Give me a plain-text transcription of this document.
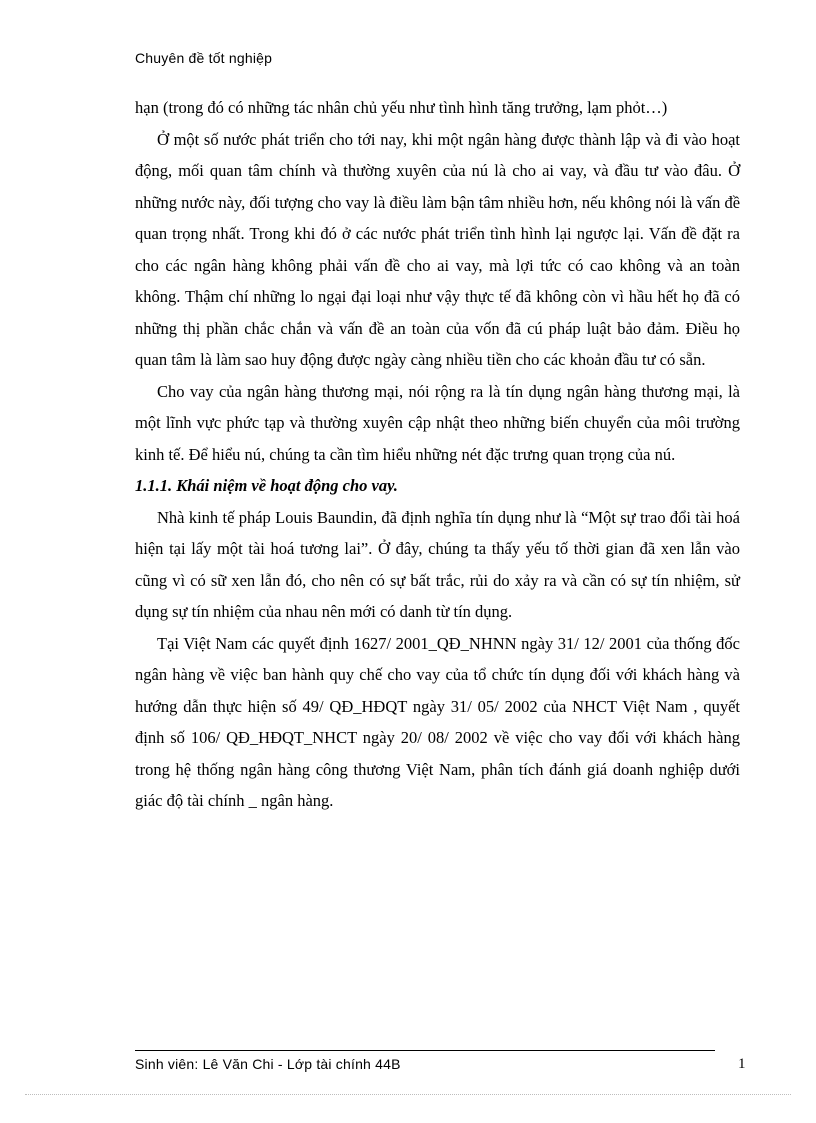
Chuyên đề tốt nghiệp

hạn (trong đó có những tác nhân chủ yếu như tình hình tăng trưởng, lạm phỏt…)

Ở một số nước phát triển cho tới nay, khi một ngân hàng được thành lập và đi vào hoạt động, mối quan tâm chính và thường xuyên của nú là cho ai vay, và đầu tư vào đâu. Ở những nước này, đối tượng cho vay là điều làm bận tâm nhiều hơn, nếu không nói là vấn đề quan trọng nhất. Trong khi đó ở các nước phát triển tình hình lại ngược lại. Vấn đề đặt ra cho các ngân hàng không phải vấn đề cho ai vay, mà lợi tức có cao không và an toàn không. Thậm chí những lo ngại đại loại như vậy thực tế đã không còn vì hầu hết họ đã có những thị phần chắc chắn và vấn đề an toàn của vốn đã cú pháp luật bảo đảm. Điều họ quan tâm là làm sao huy động được ngày càng nhiều tiền cho các khoản đầu tư có sẵn.

Cho vay của ngân hàng thương mại, nói rộng ra là tín dụng ngân hàng thương mại, là một lĩnh vực phức tạp và thường xuyên cập nhật theo những biến chuyển của môi trường kinh tế. Để hiểu nú, chúng ta cần tìm hiểu những nét đặc trưng quan trọng của nú.

1.1.1. Khái niệm về hoạt động cho vay.

Nhà kinh tế pháp Louis Baundin, đã định nghĩa tín dụng như là “Một sự trao đổi tài hoá hiện tại lấy một tài hoá tương lai”. Ở đây, chúng ta thấy yếu tố thời gian đã xen lẫn vào cũng vì có sữ xen lẫn đó, cho nên có sự bất trắc, rủi do xảy ra và cần có sự tín nhiệm, sử dụng sự tín nhiệm của nhau nên mới có danh từ tín dụng.

Tại Việt Nam các quyết định 1627/ 2001_QĐ_NHNN ngày 31/ 12/ 2001 của thống đốc ngân hàng về việc ban hành quy chế cho vay của tổ chức tín dụng đối với khách hàng và hướng dẫn thực hiện số 49/ QĐ_HĐQT ngày 31/ 05/ 2002 của NHCT Việt Nam , quyết định số 106/ QĐ_HĐQT_NHCT ngày 20/ 08/ 2002 về việc cho vay đối với khách hàng trong hệ thống ngân hàng công thương Việt Nam, phân tích đánh giá doanh nghiệp dưới giác độ tài chính _ ngân hàng.

Sinh viên: Lê Văn Chi - Lớp tài chính 44B	1
